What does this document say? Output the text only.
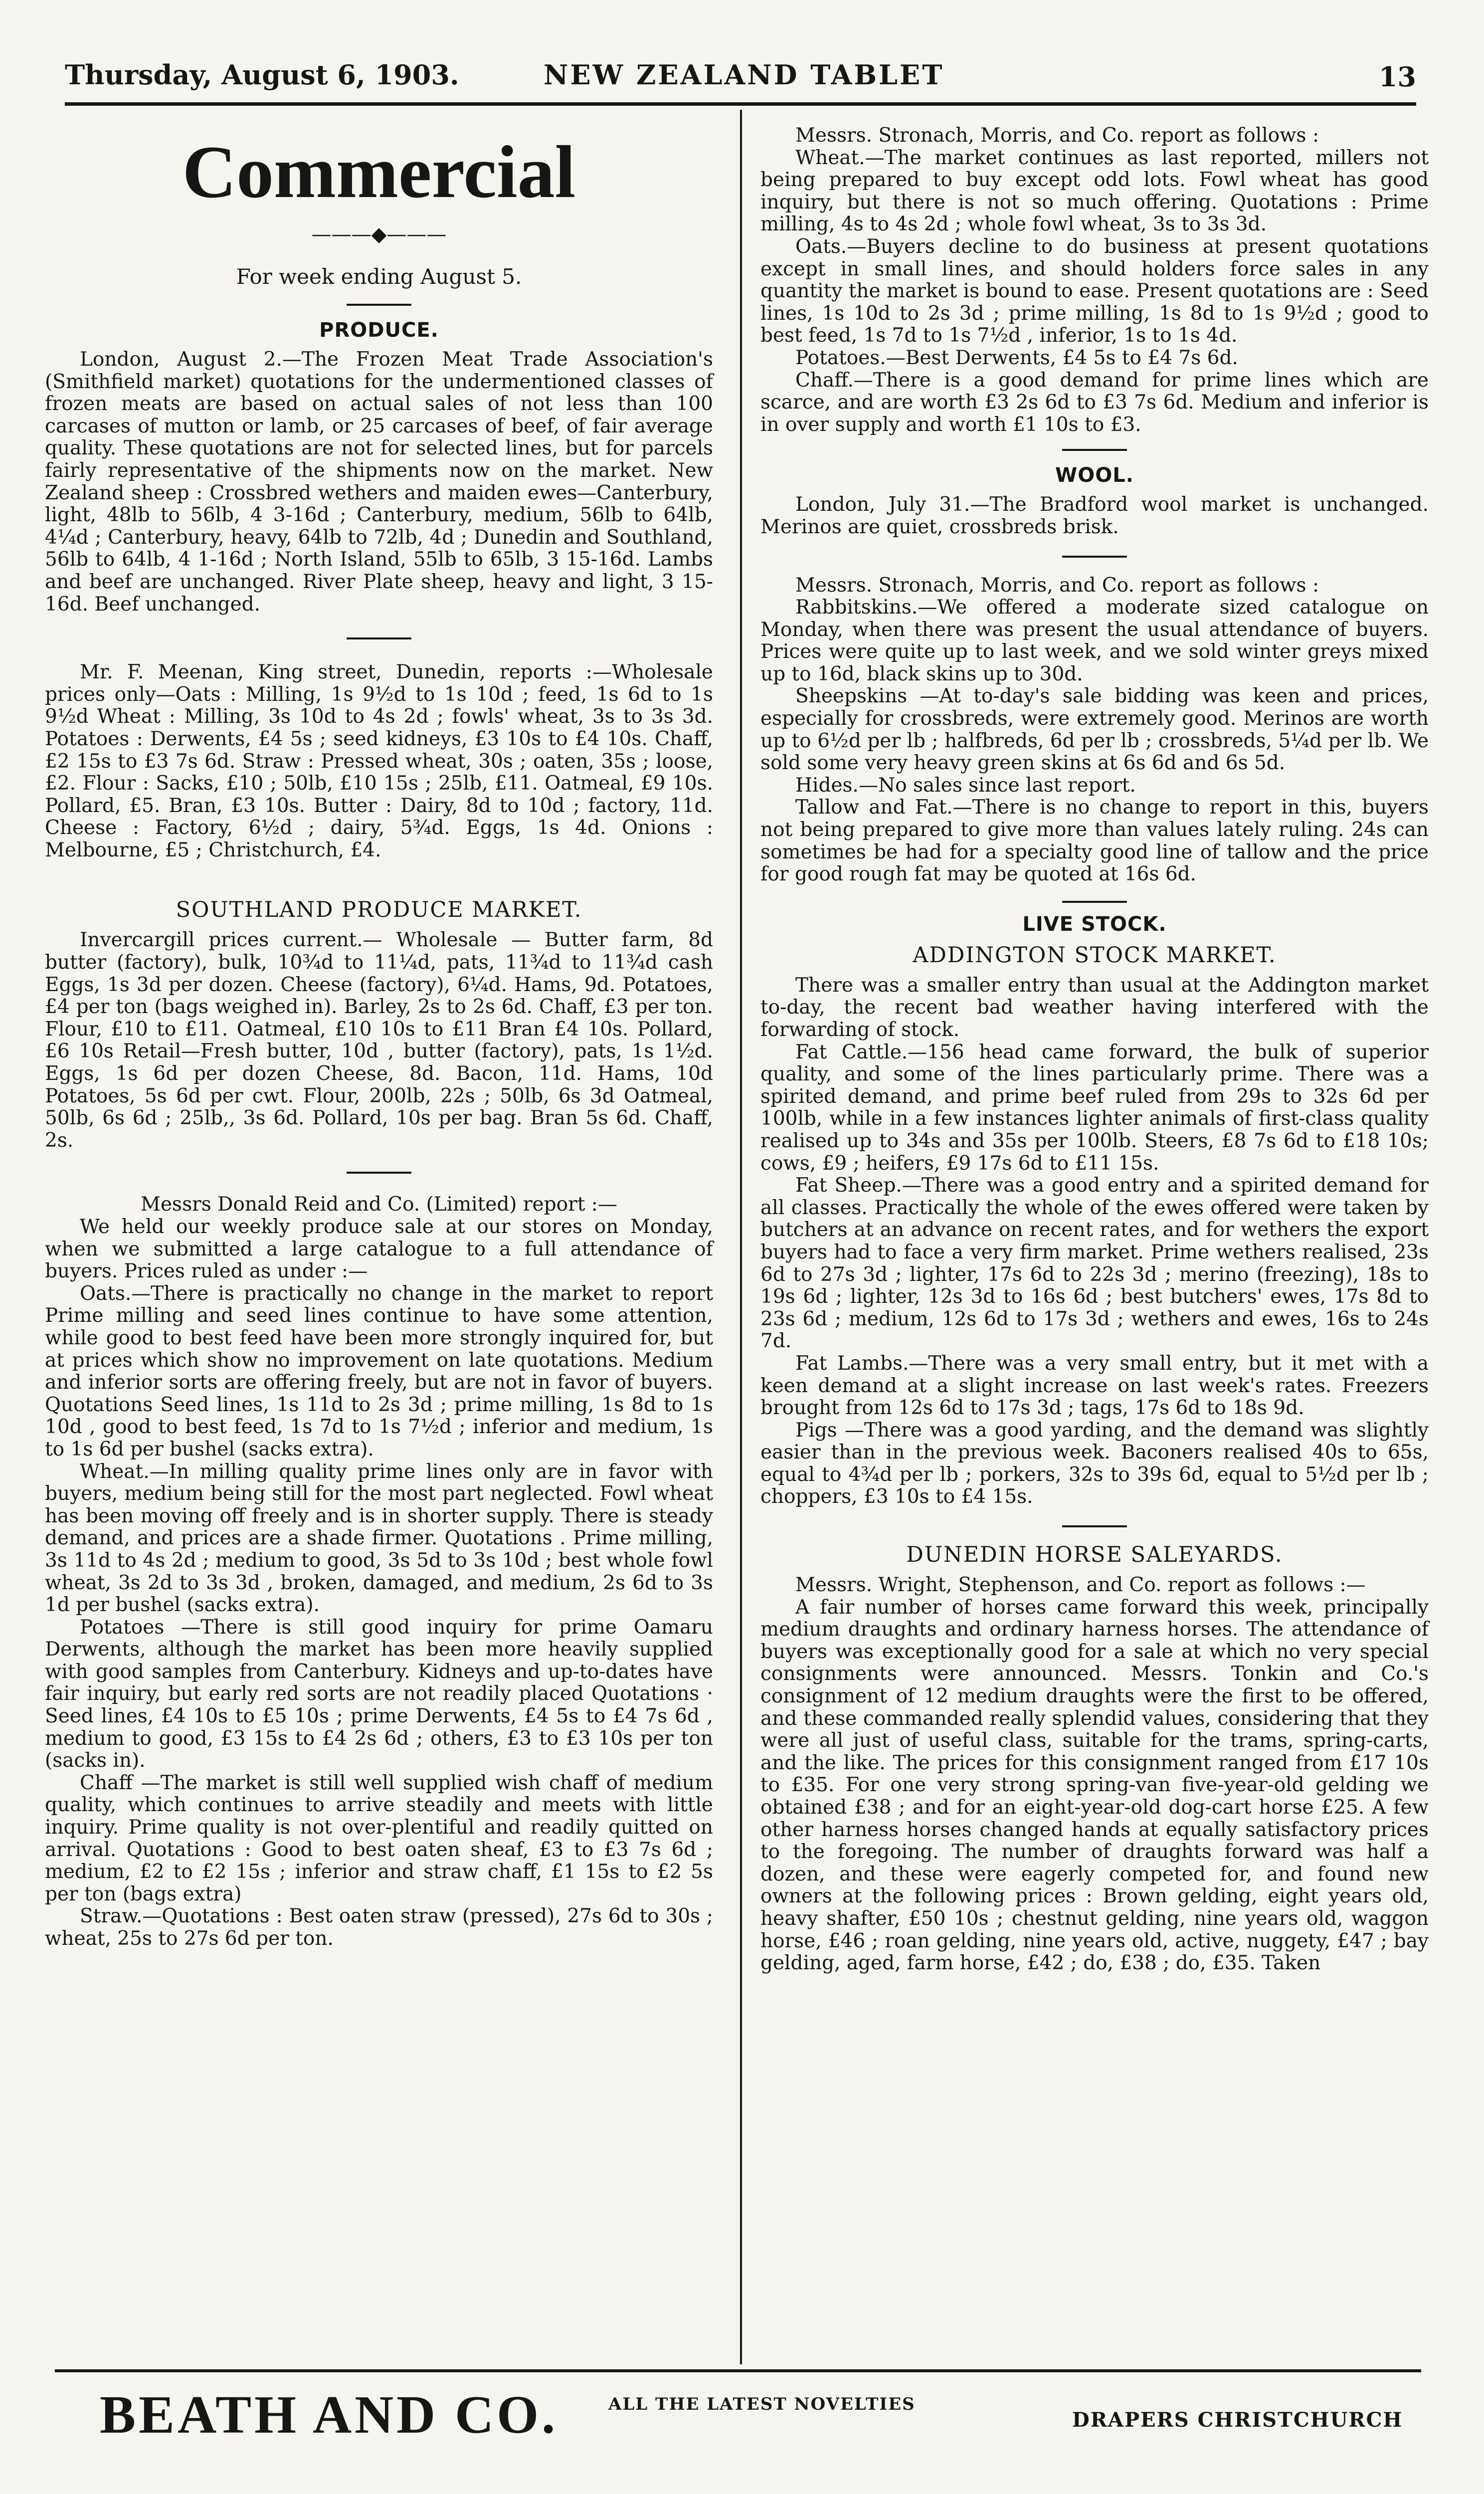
Thursday, August 6, 1903.	NEW ZEALAND TABLET	13
Commercial
———◆———
For week ending August 5.
PRODUCE.

London, August 2.—The Frozen Meat Trade Association's (Smithfield market) quotations for the undermentioned classes of frozen meats are based on actual sales of not less than 100 carcases of mutton or lamb, or 25 carcases of beef, of fair average quality. These quotations are not for selected lines, but for parcels fairly representative of the shipments now on the market. New Zealand sheep : Crossbred wethers and maiden ewes—Canterbury, light, 48lb to 56lb, 4 3-16d ; Canterbury, medium, 56lb to 64lb, 4¼d ; Canterbury, heavy, 64lb to 72lb, 4d ; Dunedin and Southland, 56lb to 64lb, 4 1-16d ; North Island, 55lb to 65lb, 3 15-16d. Lambs and beef are unchanged. River Plate sheep, heavy and light, 3 15-16d. Beef unchanged.

Mr. F. Meenan, King street, Dunedin, reports :—Wholesale prices only—Oats : Milling, 1s 9½d to 1s 10d ; feed, 1s 6d to 1s 9½d Wheat : Milling, 3s 10d to 4s 2d ; fowls' wheat, 3s to 3s 3d. Potatoes : Derwents, £4 5s ; seed kidneys, £3 10s to £4 10s. Chaff, £2 15s to £3 7s 6d. Straw : Pressed wheat, 30s ; oaten, 35s ; loose, £2. Flour : Sacks, £10 ; 50lb, £10 15s ; 25lb, £11. Oatmeal, £9 10s. Pollard, £5. Bran, £3 10s. Butter : Dairy, 8d to 10d ; factory, 11d. Cheese : Factory, 6½d ; dairy, 5¾d. Eggs, 1s 4d. Onions : Melbourne, £5 ; Christchurch, £4.

SOUTHLAND PRODUCE MARKET.

Invercargill prices current.— Wholesale — Butter farm, 8d butter (factory), bulk, 10¾d to 11¼d, pats, 11¾d to 11¾d cash Eggs, 1s 3d per dozen. Cheese (factory), 6¼d. Hams, 9d. Potatoes, £4 per ton (bags weighed in). Barley, 2s to 2s 6d. Chaff, £3 per ton. Flour, £10 to £11. Oatmeal, £10 10s to £11 Bran £4 10s. Pollard, £6 10s Retail—Fresh butter, 10d , butter (factory), pats, 1s 1½d. Eggs, 1s 6d per dozen Cheese, 8d. Bacon, 11d. Hams, 10d Potatoes, 5s 6d per cwt. Flour, 200lb, 22s ; 50lb, 6s 3d Oatmeal, 50lb, 6s 6d ; 25lb,, 3s 6d. Pollard, 10s per bag. Bran 5s 6d. Chaff, 2s.

Messrs Donald Reid and Co. (Limited) report :—

We held our weekly produce sale at our stores on Monday, when we submitted a large catalogue to a full attendance of buyers. Prices ruled as under :—

Oats.—There is practically no change in the market to report Prime milling and seed lines continue to have some attention, while good to best feed have been more strongly inquired for, but at prices which show no improvement on late quotations. Medium and inferior sorts are offering freely, but are not in favor of buyers. Quotations Seed lines, 1s 11d to 2s 3d ; prime milling, 1s 8d to 1s 10d , good to best feed, 1s 7d to 1s 7½d ; inferior and medium, 1s to 1s 6d per bushel (sacks extra).

Wheat.—In milling quality prime lines only are in favor with buyers, medium being still for the most part neglected. Fowl wheat has been moving off freely and is in shorter supply. There is steady demand, and prices are a shade firmer. Quotations . Prime milling, 3s 11d to 4s 2d ; medium to good, 3s 5d to 3s 10d ; best whole fowl wheat, 3s 2d to 3s 3d , broken, damaged, and medium, 2s 6d to 3s 1d per bushel (sacks extra).

Potatoes —There is still good inquiry for prime Oamaru Derwents, although the market has been more heavily supplied with good samples from Canterbury. Kidneys and up-to-dates have fair inquiry, but early red sorts are not readily placed Quotations · Seed lines, £4 10s to £5 10s ; prime Derwents, £4 5s to £4 7s 6d , medium to good, £3 15s to £4 2s 6d ; others, £3 to £3 10s per ton (sacks in).

Chaff —The market is still well supplied wish chaff of medium quality, which continues to arrive steadily and meets with little inquiry. Prime quality is not over-plentiful and readily quitted on arrival. Quotations : Good to best oaten sheaf, £3 to £3 7s 6d ; medium, £2 to £2 15s ; inferior and straw chaff, £1 15s to £2 5s per ton (bags extra)

Straw.—Quotations : Best oaten straw (pressed), 27s 6d to 30s ; wheat, 25s to 27s 6d per ton.

Messrs. Stronach, Morris, and Co. report as follows :

Wheat.—The market continues as last reported, millers not being prepared to buy except odd lots. Fowl wheat has good inquiry, but there is not so much offering. Quotations : Prime milling, 4s to 4s 2d ; whole fowl wheat, 3s to 3s 3d.

Oats.—Buyers decline to do business at present quotations except in small lines, and should holders force sales in any quantity the market is bound to ease. Present quotations are : Seed lines, 1s 10d to 2s 3d ; prime milling, 1s 8d to 1s 9½d ; good to best feed, 1s 7d to 1s 7½d , inferior, 1s to 1s 4d.

Potatoes.—Best Derwents, £4 5s to £4 7s 6d.

Chaff.—There is a good demand for prime lines which are scarce, and are worth £3 2s 6d to £3 7s 6d. Medium and inferior is in over supply and worth £1 10s to £3.

WOOL.

London, July 31.—The Bradford wool market is unchanged. Merinos are quiet, crossbreds brisk.

Messrs. Stronach, Morris, and Co. report as follows :

Rabbitskins.—We offered a moderate sized catalogue on Monday, when there was present the usual attendance of buyers. Prices were quite up to last week, and we sold winter greys mixed up to 16d, black skins up to 30d.

Sheepskins —At to-day's sale bidding was keen and prices, especially for crossbreds, were extremely good. Merinos are worth up to 6½d per lb ; halfbreds, 6d per lb ; crossbreds, 5¼d per lb. We sold some very heavy green skins at 6s 6d and 6s 5d.

Hides.—No sales since last report.

Tallow and Fat.—There is no change to report in this, buyers not being prepared to give more than values lately ruling. 24s can sometimes be had for a specialty good line of tallow and the price for good rough fat may be quoted at 16s 6d.

LIVE STOCK.
ADDINGTON STOCK MARKET.

There was a smaller entry than usual at the Addington market to-day, the recent bad weather having interfered with the forwarding of stock.

Fat Cattle.—156 head came forward, the bulk of superior quality, and some of the lines particularly prime. There was a spirited demand, and prime beef ruled from 29s to 32s 6d per 100lb, while in a few instances lighter animals of first-class quality realised up to 34s and 35s per 100lb. Steers, £8 7s 6d to £18 10s; cows, £9 ; heifers, £9 17s 6d to £11 15s.

Fat Sheep.—There was a good entry and a spirited demand for all classes. Practically the whole of the ewes offered were taken by butchers at an advance on recent rates, and for wethers the export buyers had to face a very firm market. Prime wethers realised, 23s 6d to 27s 3d ; lighter, 17s 6d to 22s 3d ; merino (freezing), 18s to 19s 6d ; lighter, 12s 3d to 16s 6d ; best butchers' ewes, 17s 8d to 23s 6d ; medium, 12s 6d to 17s 3d ; wethers and ewes, 16s to 24s 7d.

Fat Lambs.—There was a very small entry, but it met with a keen demand at a slight increase on last week's rates. Freezers brought from 12s 6d to 17s 3d ; tags, 17s 6d to 18s 9d.

Pigs —There was a good yarding, and the demand was slightly easier than in the previous week. Baconers realised 40s to 65s, equal to 4¾d per lb ; porkers, 32s to 39s 6d, equal to 5½d per lb ; choppers, £3 10s to £4 15s.

DUNEDIN HORSE SALEYARDS.

Messrs. Wright, Stephenson, and Co. report as follows :—

A fair number of horses came forward this week, principally medium draughts and ordinary harness horses. The attendance of buyers was exceptionally good for a sale at which no very special consignments were announced. Messrs. Tonkin and Co.'s consignment of 12 medium draughts were the first to be offered, and these commanded really splendid values, considering that they were all just of useful class, suitable for the trams, spring-carts, and the like. The prices for this consignment ranged from £17 10s to £35. For one very strong spring-van five-year-old gelding we obtained £38 ; and for an eight-year-old dog-cart horse £25. A few other harness horses changed hands at equally satisfactory prices to the foregoing. The number of draughts forward was half a dozen, and these were eagerly competed for, and found new owners at the following prices : Brown gelding, eight years old, heavy shafter, £50 10s ; chestnut gelding, nine years old, waggon horse, £46 ; roan gelding, nine years old, active, nuggety, £47 ; bay gelding, aged, farm horse, £42 ; do, £38 ; do, £35. Taken

BEATH AND CO.	ALL THE LATEST NOVELTIES
DRAPERS CHRISTCHURCH
